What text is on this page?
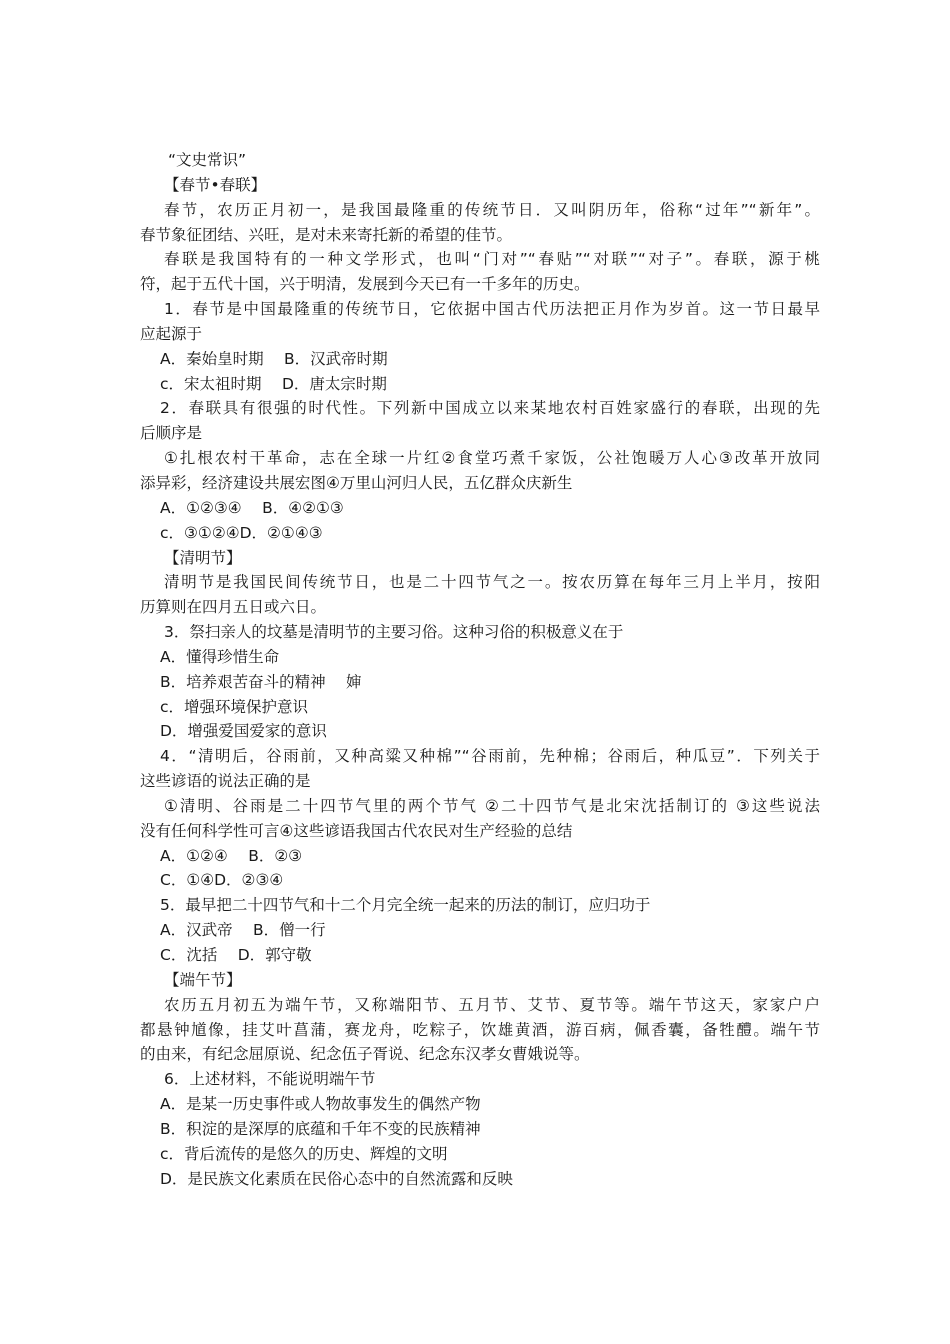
“文史常识”
【春节•春联】
春节，农历正月初一，是我国最隆重的传统节日．又叫阴历年，俗称“过年”“新年”。
春节象征团结、兴旺，是对未来寄托新的希望的佳节。
春联是我国特有的一种文学形式，也叫“门对”“春贴”“对联”“对子”。春联，源于桃
符，起于五代十国，兴于明清，发展到今天已有一千多年的历史。
1．春节是中国最隆重的传统节日，它依据中国古代历法把正月作为岁首。这一节日最早
应起源于
A．秦始皇时期　 B．汉武帝时期
c．宋太祖时期　 D．唐太宗时期
2．春联具有很强的时代性。下列新中国成立以来某地农村百姓家盛行的春联，出现的先
后顺序是
①扎根农村干革命，志在全球一片红②食堂巧煮千家饭，公社饱暖万人心③改革开放同
添异彩，经济建设共展宏图④万里山河归人民，五亿群众庆新生
A．①②③④　 B．④②①③
c．③①②④D．②①④③
【清明节】
清明节是我国民间传统节日，也是二十四节气之一。按农历算在每年三月上半月，按阳
历算则在四月五日或六日。
3．祭扫亲人的坟墓是清明节的主要习俗。这种习俗的积极意义在于
A．懂得珍惜生命
B．培养艰苦奋斗的精神　 婶
c．增强环境保护意识
D．增强爱国爱家的意识
4．“清明后，谷雨前，又种高粱又种棉”“谷雨前，先种棉；谷雨后，种瓜豆”．下列关于
这些谚语的说法正确的是
①清明、谷雨是二十四节气里的两个节气 ②二十四节气是北宋沈括制订的 ③这些说法
没有任何科学性可言④这些谚语我国古代农民对生产经验的总结
A．①②④　 B．②③
C．①④D．②③④
5．最早把二十四节气和十二个月完全统一起来的历法的制订，应归功于
A．汉武帝　 B．僧一行
C．沈括　 D．郭守敬
【端午节】
农历五月初五为端午节，又称端阳节、五月节、艾节、夏节等。端午节这天，家家户户
都悬钟馗像，挂艾叶菖蒲，赛龙舟，吃粽子，饮雄黄酒，游百病，佩香囊，备牲醴。端午节
的由来，有纪念屈原说、纪念伍子胥说、纪念东汉孝女曹娥说等。
6．上述材料，不能说明端午节
A．是某一历史事件或人物故事发生的偶然产物
B．积淀的是深厚的底蕴和千年不变的民族精神
c．背后流传的是悠久的历史、辉煌的文明
D．是民族文化素质在民俗心态中的自然流露和反映
